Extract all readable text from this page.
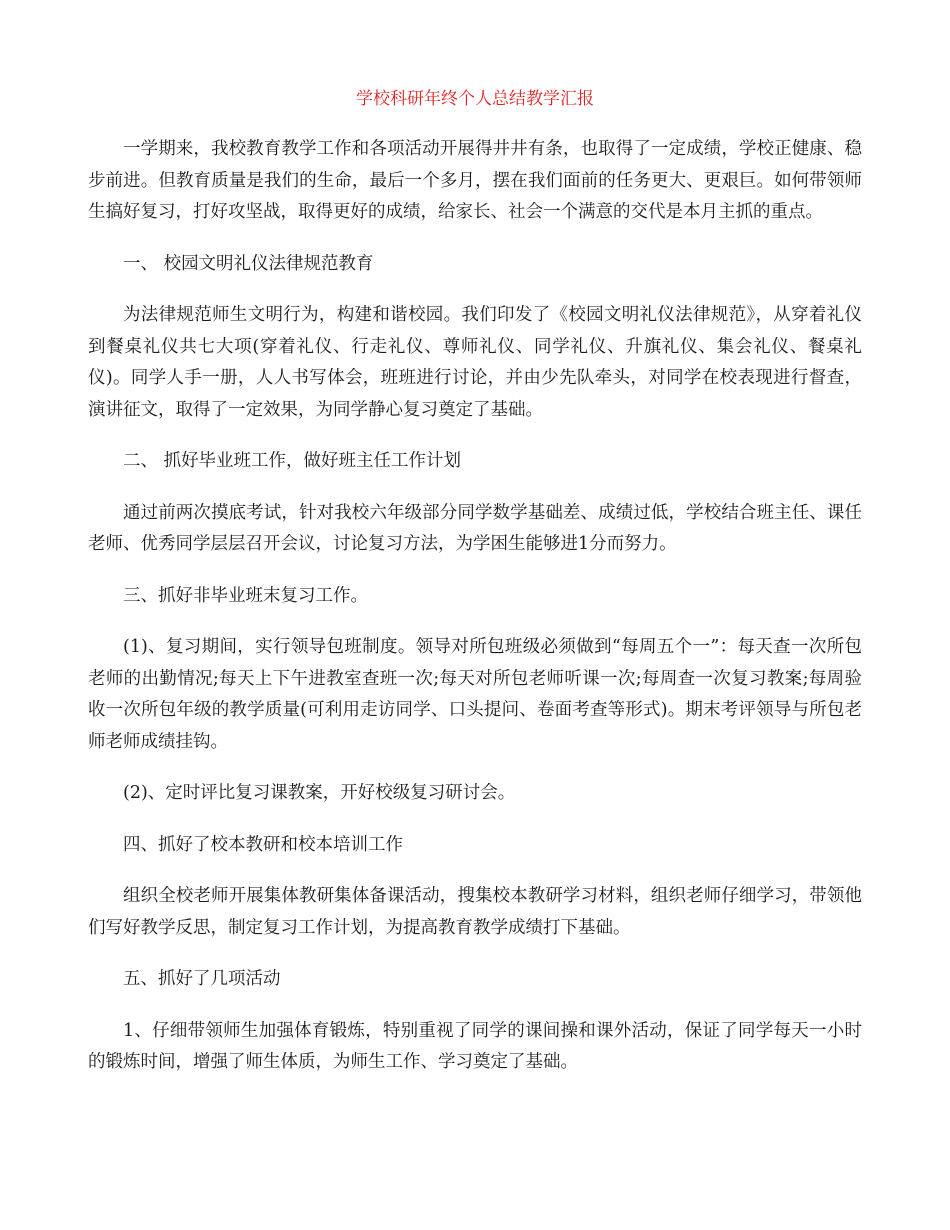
学校科研年终个人总结教学汇报

一学期来，我校教育教学工作和各项活动开展得井井有条，也取得了一定成绩，学校正健康、稳步前进。但教育质量是我们的生命，最后一个多月，摆在我们面前的任务更大、更艰巨。如何带领师生搞好复习，打好攻坚战，取得更好的成绩，给家长、社会一个满意的交代是本月主抓的重点。

一、 校园文明礼仪法律规范教育

为法律规范师生文明行为，构建和谐校园。我们印发了《校园文明礼仪法律规范》，从穿着礼仪到餐桌礼仪共七大项(穿着礼仪、行走礼仪、尊师礼仪、同学礼仪、升旗礼仪、集会礼仪、餐桌礼仪)。同学人手一册，人人书写体会，班班进行讨论，并由少先队牵头，对同学在校表现进行督查，演讲征文，取得了一定效果，为同学静心复习奠定了基础。

二、 抓好毕业班工作，做好班主任工作计划

通过前两次摸底考试，针对我校六年级部分同学数学基础差、成绩过低，学校结合班主任、课任老师、优秀同学层层召开会议，讨论复习方法，为学困生能够进1分而努力。

三、抓好非毕业班末复习工作。

(1)、复习期间，实行领导包班制度。领导对所包班级必须做到“每周五个一”：每天查一次所包老师的出勤情况;每天上下午进教室查班一次;每天对所包老师听课一次;每周查一次复习教案;每周验收一次所包年级的教学质量(可利用走访同学、口头提问、卷面考查等形式)。期末考评领导与所包老师老师成绩挂钩。

(2)、定时评比复习课教案，开好校级复习研讨会。

四、抓好了校本教研和校本培训工作

组织全校老师开展集体教研集体备课活动，搜集校本教研学习材料，组织老师仔细学习，带领他们写好教学反思，制定复习工作计划，为提高教育教学成绩打下基础。

五、抓好了几项活动

1、仔细带领师生加强体育锻炼，特别重视了同学的课间操和课外活动，保证了同学每天一小时的锻炼时间，增强了师生体质，为师生工作、学习奠定了基础。
